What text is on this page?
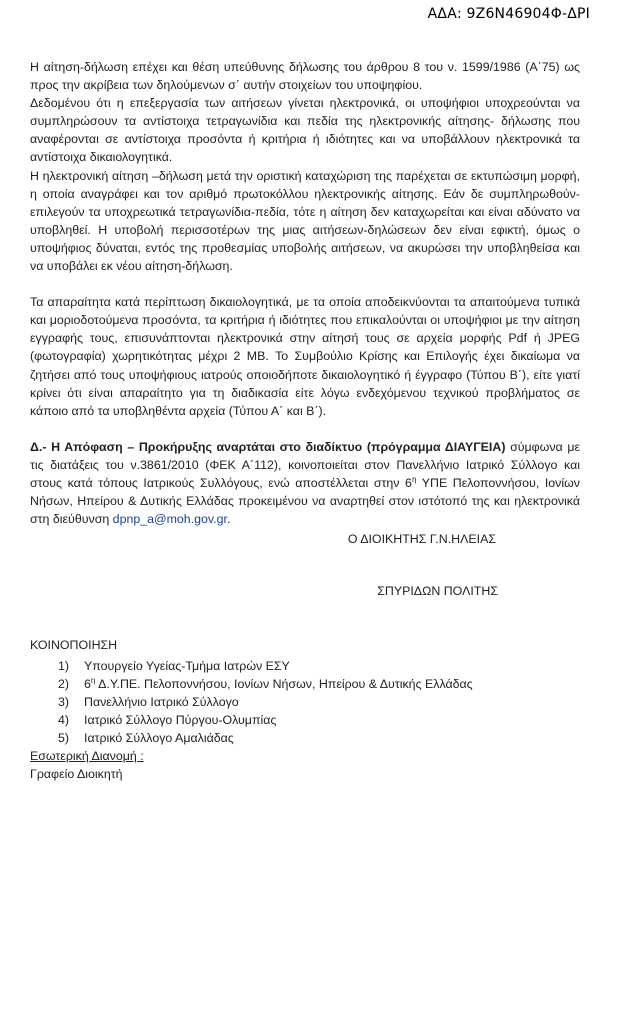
ΑΔΑ: 9Ζ6Ν46904Φ-ΔΡΙ

Η αίτηση-δήλωση επέχει και θέση υπεύθυνης δήλωσης του άρθρου 8 του ν. 1599/1986 (Α΄75) ως προς την ακρίβεια των δηλούμενων σ΄ αυτήν στοιχείων του υποψηφίου.

Δεδομένου ότι η επεξεργασία των αιτήσεων γίνεται ηλεκτρονικά, οι υποψήφιοι υποχρεούνται να συμπληρώσουν τα αντίστοιχα τετραγωνίδια και πεδία της ηλεκτρονικής αίτησης- δήλωσης που αναφέρονται σε αντίστοιχα προσόντα ή κριτήρια ή ιδιότητες και να υποβάλλουν ηλεκτρονικά τα αντίστοιχα δικαιολογητικά.

Η ηλεκτρονική αίτηση –δήλωση μετά την οριστική καταχώριση της παρέχεται σε εκτυπώσιμη μορφή, η οποία αναγράφει και τον αριθμό πρωτοκόλλου ηλεκτρονικής αίτησης. Εάν δε συμπληρωθούν-επιλεγούν τα υποχρεωτικά τετραγωνίδια-πεδία, τότε η αίτηση δεν καταχωρείται και είναι αδύνατο να υποβληθεί. Η υποβολή περισσοτέρων της μιας αιτήσεων-δηλώσεων δεν είναι εφικτή, όμως ο υποψήφιος δύναται, εντός της προθεσμίας υποβολής αιτήσεων, να ακυρώσει την υποβληθείσα και να υποβάλει εκ νέου αίτηση-δήλωση.

Τα απαραίτητα κατά περίπτωση δικαιολογητικά, με τα οποία αποδεικνύονται τα απαιτούμενα τυπικά και μοριοδοτούμενα προσόντα, τα κριτήρια ή ιδιότητες που επικαλούνται οι υποψήφιοι με την αίτηση εγγραφής τους, επισυνάπτονται ηλεκτρονικά στην αίτησή τους σε αρχεία μορφής Pdf ή JPEG (φωτογραφία) χωρητικότητας μέχρι 2 MB. Το Συμβούλιο Κρίσης και Επιλογής έχει δικαίωμα να ζητήσει από τους υποψήφιους ιατρούς οποιοδήποτε δικαιολογητικό ή έγγραφο (Τύπου Β΄), είτε γιατί κρίνει ότι είναι απαραίτητο για τη διαδικασία είτε λόγω ενδεχόμενου τεχνικού προβλήματος σε κάποιο από τα υποβληθέντα αρχεία (Τύπου Α΄ και Β΄).

Δ.- Η Απόφαση – Προκήρυξης αναρτάται στο διαδίκτυο (πρόγραμμα ΔΙΑΥΓΕΙΑ) σύμφωνα με τις διατάξεις του ν.3861/2010 (ΦΕΚ Α΄112), κοινοποιείται στον Πανελλήνιο Ιατρικό Σύλλογο και στους κατά τόπους Ιατρικούς Συλλόγους, ενώ αποστέλλεται στην $6^\eta$ ΥΠΕ Πελοποννήσου, Ιονίων Νήσων, Ηπείρου & Δυτικής Ελλάδας προκειμένου να αναρτηθεί στον ιστότοπό της και ηλεκτρονικά στη διεύθυνση dpnp_a@moh.gov.gr.

Ο ΔΙΟΙΚΗΤΗΣ Γ.Ν.ΗΛΕΙΑΣ
ΣΠΥΡΙΔΩΝ ΠΟΛΙΤΗΣ
ΚΟΙΝΟΠΟΙΗΣΗ
1) Υπουργείο Υγείας-Τμήμα Ιατρών ΕΣΥ
2) $6^\eta$ Δ.Υ.ΠΕ. Πελοποννήσου, Ιονίων Νήσων, Ηπείρου & Δυτικής Ελλάδας
3) Πανελλήνιο Ιατρικό Σύλλογο
4) Ιατρικό Σύλλογο Πύργου-Ολυμπίας
5) Ιατρικό Σύλλογο Αμαλιάδας
Εσωτερική Διανομή :
Γραφείο Διοικητή
